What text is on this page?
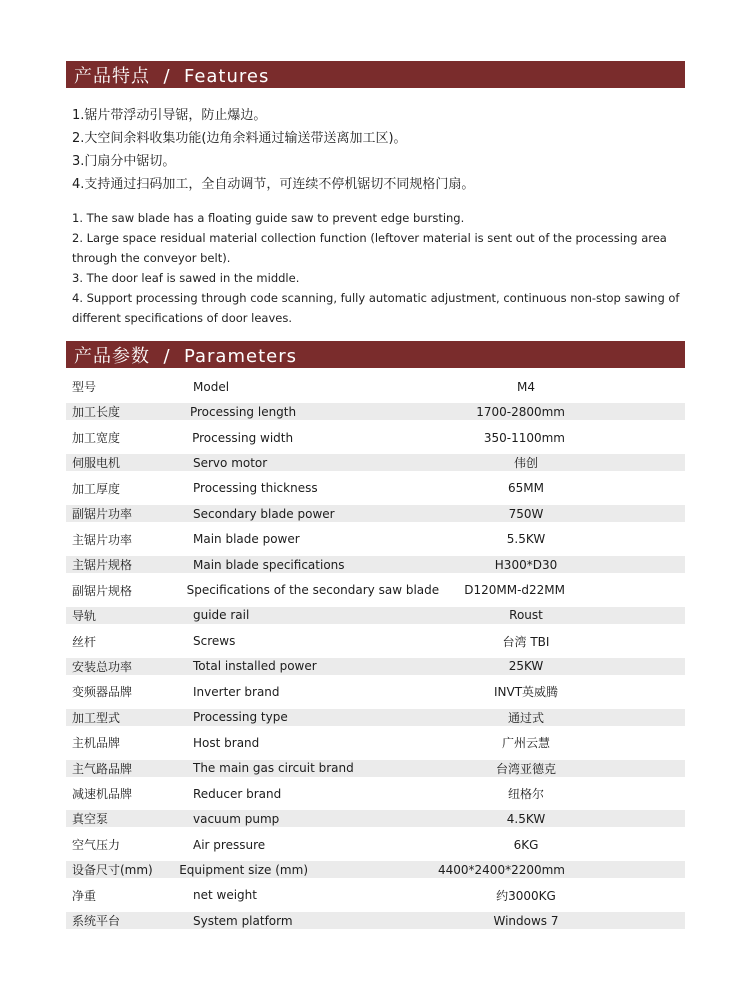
产品特点  /  Features
1.锯片带浮动引导锯，防止爆边。
2.大空间余料收集功能(边角余料通过输送带送离加工区)。
3.门扇分中锯切。
4.支持通过扫码加工，全自动调节，可连续不停机锯切不同规格门扇。
1. The saw blade has a floating guide saw to prevent edge bursting.
2. Large space residual material collection function (leftover material is sent out of the processing area through the conveyor belt).
3. The door leaf is sawed in the middle.
4. Support processing through code scanning, fully automatic adjustment, continuous non-stop sawing of different specifications of door leaves.
产品参数  /  Parameters
型号	Model	M4
加工长度	Processing length	1700-2800mm
加工宽度	Processing width	350-1100mm
伺服电机	Servo motor	伟创
加工厚度	Processing thickness	65MM
副锯片功率	Secondary blade power	750W
主锯片功率	Main blade power	5.5KW
主锯片规格	Main blade specifications	H300*D30
副锯片规格	Specifications of the secondary saw blade	D120MM-d22MM
导轨	guide rail	Roust
丝杆	Screws	台湾 TBI
安装总功率	Total installed power	25KW
变频器品牌	Inverter brand	INVT英威腾
加工型式	Processing type	通过式
主机品牌	Host brand	广州云慧
主气路品牌	The main gas circuit brand	台湾亚德克
减速机品牌	Reducer brand	纽格尔
真空泵	vacuum pump	4.5KW
空气压力	Air pressure	6KG
设备尺寸(mm)	Equipment size (mm)	4400*2400*2200mm
净重	net weight	约3000KG
系统平台	System platform	Windows 7
